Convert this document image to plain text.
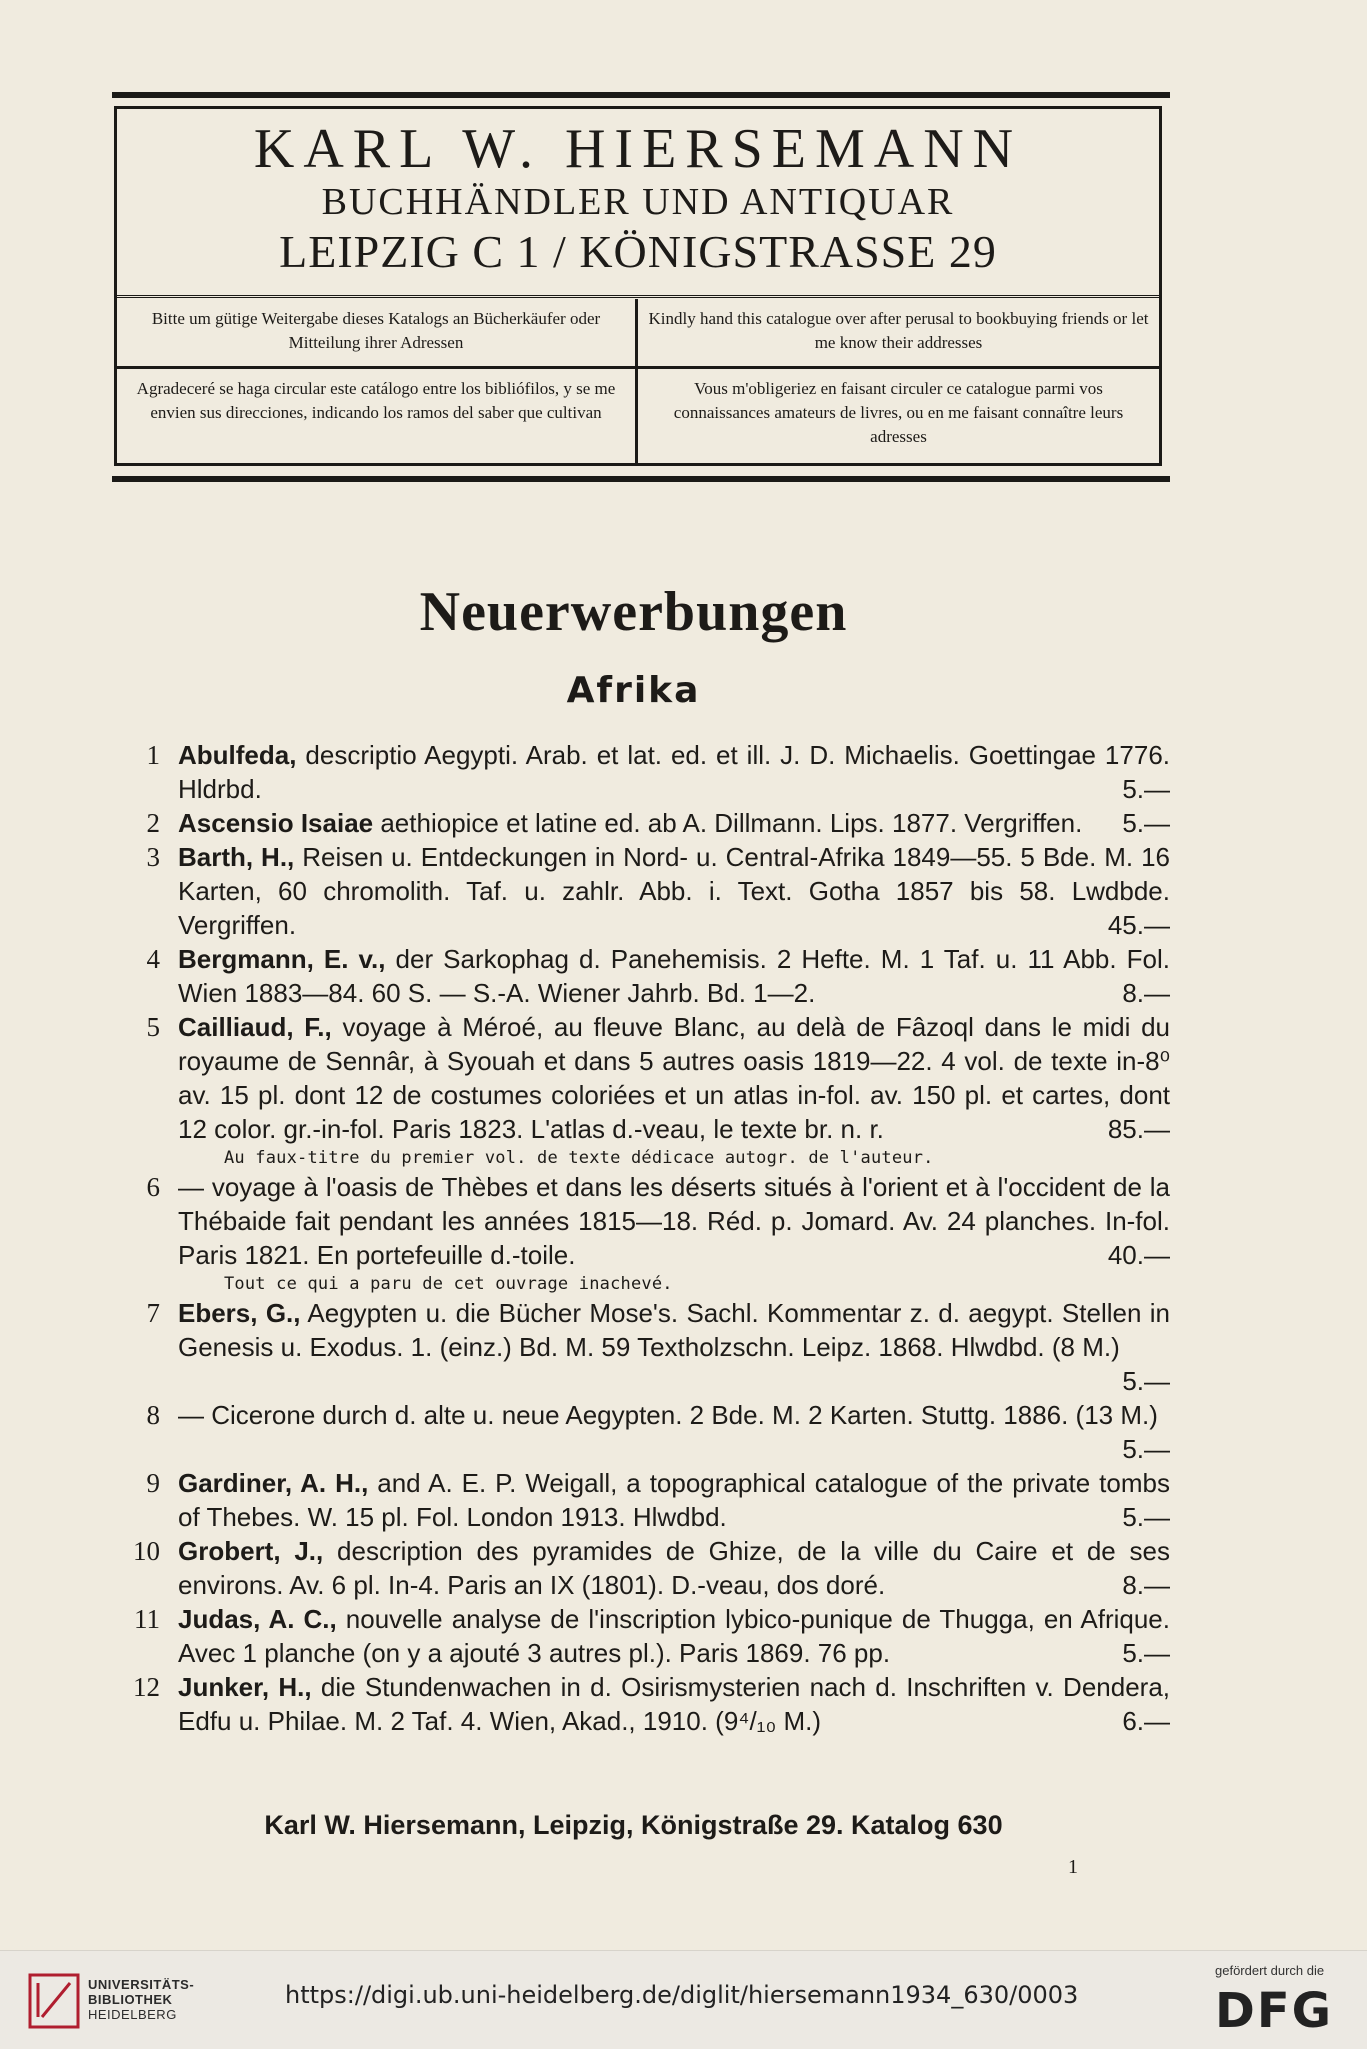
KARL W. HIERSEMANN
BUCHHÄNDLER UND ANTIQUAR
LEIPZIG C 1 / KÖNIGSTRASSE 29
Bitte um gütige Weitergabe dieses Katalogs an Bücherkäufer oder Mitteilung ihrer Adressen
Kindly hand this catalogue over after perusal to bookbuying friends or let me know their addresses
Agradeceré se haga circular este catálogo entre los bibliófilos, y se me envien sus direcciones, indicando los ramos del saber que cultivan
Vous m'obligeriez en faisant circuler ce catalogue parmi vos connaissances amateurs de livres, ou en me faisant connaître leurs adresses
Neuerwerbungen
Afrika
1 Abulfeda, descriptio Aegypti. Arab. et lat. ed. et ill. J. D. Michaelis. Goettingae 1776. Hldrbd.	5.—
2 Ascensio Isaiae aethiopice et latine ed. ab A. Dillmann. Lips. 1877. Vergriffen.	5.—
3 Barth, H., Reisen u. Entdeckungen in Nord- u. Central-Afrika 1849—55. 5 Bde. M. 16 Karten, 60 chromolith. Taf. u. zahlr. Abb. i. Text. Gotha 1857 bis 58. Lwdbde. Vergriffen.	45.—
4 Bergmann, E. v., der Sarkophag d. Panehemisis. 2 Hefte. M. 1 Taf. u. 11 Abb. Fol. Wien 1883—84. 60 S. — S.-A. Wiener Jahrb. Bd. 1—2.	8.—
5 Cailliaud, F., voyage à Méroé, au fleuve Blanc, au delà de Fâzoql dans le midi du royaume de Sennâr, à Syouah et dans 5 autres oasis 1819—22. 4 vol. de texte in-8⁰ av. 15 pl. dont 12 de costumes coloriées et un atlas in-fol. av. 150 pl. et cartes, dont 12 color. gr.-in-fol. Paris 1823. L'atlas d.-veau, le texte br. n. r.	85.—
Au faux-titre du premier vol. de texte dédicace autogr. de l'auteur.
6 — voyage à l'oasis de Thèbes et dans les déserts situés à l'orient et à l'occident de la Thébaide fait pendant les années 1815—18. Réd. p. Jomard. Av. 24 planches. In-fol. Paris 1821. En portefeuille d.-toile.	40.—
Tout ce qui a paru de cet ouvrage inachevé.
7 Ebers, G., Aegypten u. die Bücher Mose's. Sachl. Kommentar z. d. aegypt. Stellen in Genesis u. Exodus. 1. (einz.) Bd. M. 59 Textholzschn. Leipz. 1868. Hlwdbd. (8 M.)
5.—
8 — Cicerone durch d. alte u. neue Aegypten. 2 Bde. M. 2 Karten. Stuttg. 1886. (13 M.)
5.—
9 Gardiner, A. H., and A. E. P. Weigall, a topographical catalogue of the private tombs of Thebes. W. 15 pl. Fol. London 1913. Hlwdbd.	5.—
10 Grobert, J., description des pyramides de Ghize, de la ville du Caire et de ses environs. Av. 6 pl. In-4. Paris an IX (1801). D.-veau, dos doré.	8.—
11 Judas, A. C., nouvelle analyse de l'inscription lybico-punique de Thugga, en Afrique. Avec 1 planche (on y a ajouté 3 autres pl.). Paris 1869. 76 pp.	5.—
12 Junker, H., die Stundenwachen in d. Osirismysterien nach d. Inschriften v. Dendera, Edfu u. Philae. M. 2 Taf. 4. Wien, Akad., 1910. (9⁴/₁₀ M.)	6.—
Karl W. Hiersemann, Leipzig, Königstraße 29. Katalog 630
1
UNIVERSITÄTS-
BIBLIOTHEK
HEIDELBERG
https://digi.ub.uni-heidelberg.de/diglit/hiersemann1934_630/0003
gefördert durch die
DFG
